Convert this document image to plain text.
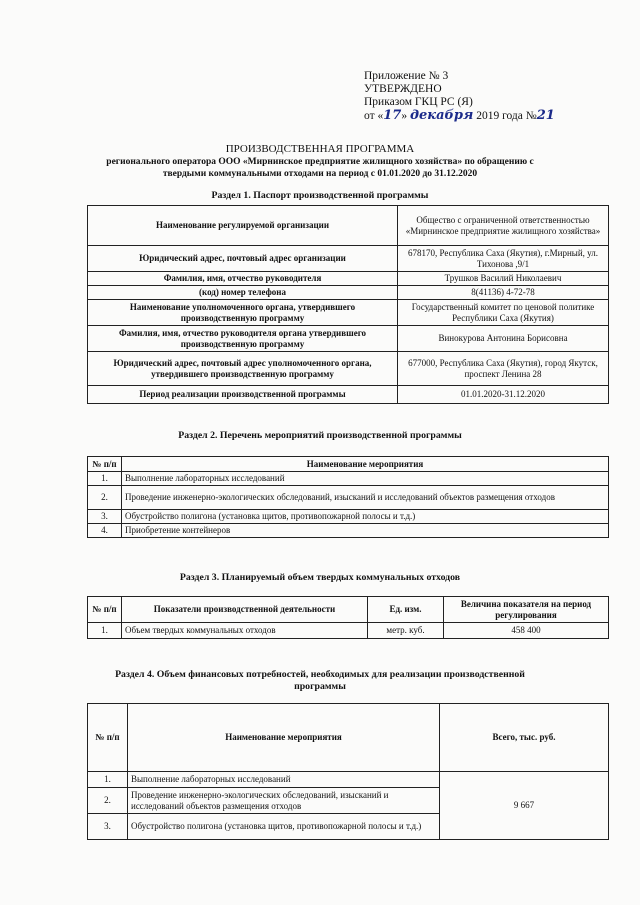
Приложение № 3
УТВЕРЖДЕНО
Приказом ГКЦ РС (Я)
от «17» декабря 2019 года №21
ПРОИЗВОДСТВЕННАЯ ПРОГРАММА
регионального оператора ООО «Мирнинское предприятие жилищного хозяйства» по обращению с
твердыми коммунальными отходами на период с 01.01.2020 до 31.12.2020
Раздел 1. Паспорт производственной программы
Наименование регулируемой организации	Общество с ограниченной ответственностью «Мирнинское предприятие жилищного хозяйства»
Юридический адрес, почтовый адрес организации	678170, Республика Саха (Якутия), г.Мирный, ул. Тихонова ,9/1
Фамилия, имя, отчество руководителя	Трушков Василий Николаевич
(код) номер телефона	8(41136) 4-72-78
Наименование уполномоченного органа, утвердившего производственную программу	Государственный комитет по ценовой политике Республики Саха (Якутия)
Фамилия, имя, отчество руководителя органа утвердившего производственную программу	Винокурова Антонина Борисовна
Юридический адрес, почтовый адрес уполномоченного органа, утвердившего производственную программу	677000, Республика Саха (Якутия), город Якутск, проспект Ленина 28
Период реализации производственной программы	01.01.2020-31.12.2020
Раздел 2. Перечень мероприятий производственной программы
№ п/п	Наименование мероприятия
1.	Выполнение лабораторных исследований
2.	Проведение инженерно-экологических обследований, изысканий и исследований объектов размещения отходов
3.	Обустройство полигона (установка щитов, противопожарной полосы и т.д.)
4.	Приобретение контейнеров
Раздел 3. Планируемый объем твердых коммунальных отходов
№ п/п	Показатели производственной деятельности	Ед. изм.	Величина показателя на период регулирования
1.	Объем твердых коммунальных отходов	метр. куб.	458 400
Раздел 4. Объем финансовых потребностей, необходимых для реализации производственной программы
№ п/п	Наименование мероприятия	Всего, тыс. руб.
1.	Выполнение лабораторных исследований	9 667
2.	Проведение инженерно-экологических обследований, изысканий и исследований объектов размещения отходов	
3.	Обустройство полигона (установка щитов, противопожарной полосы и т.д.)	
